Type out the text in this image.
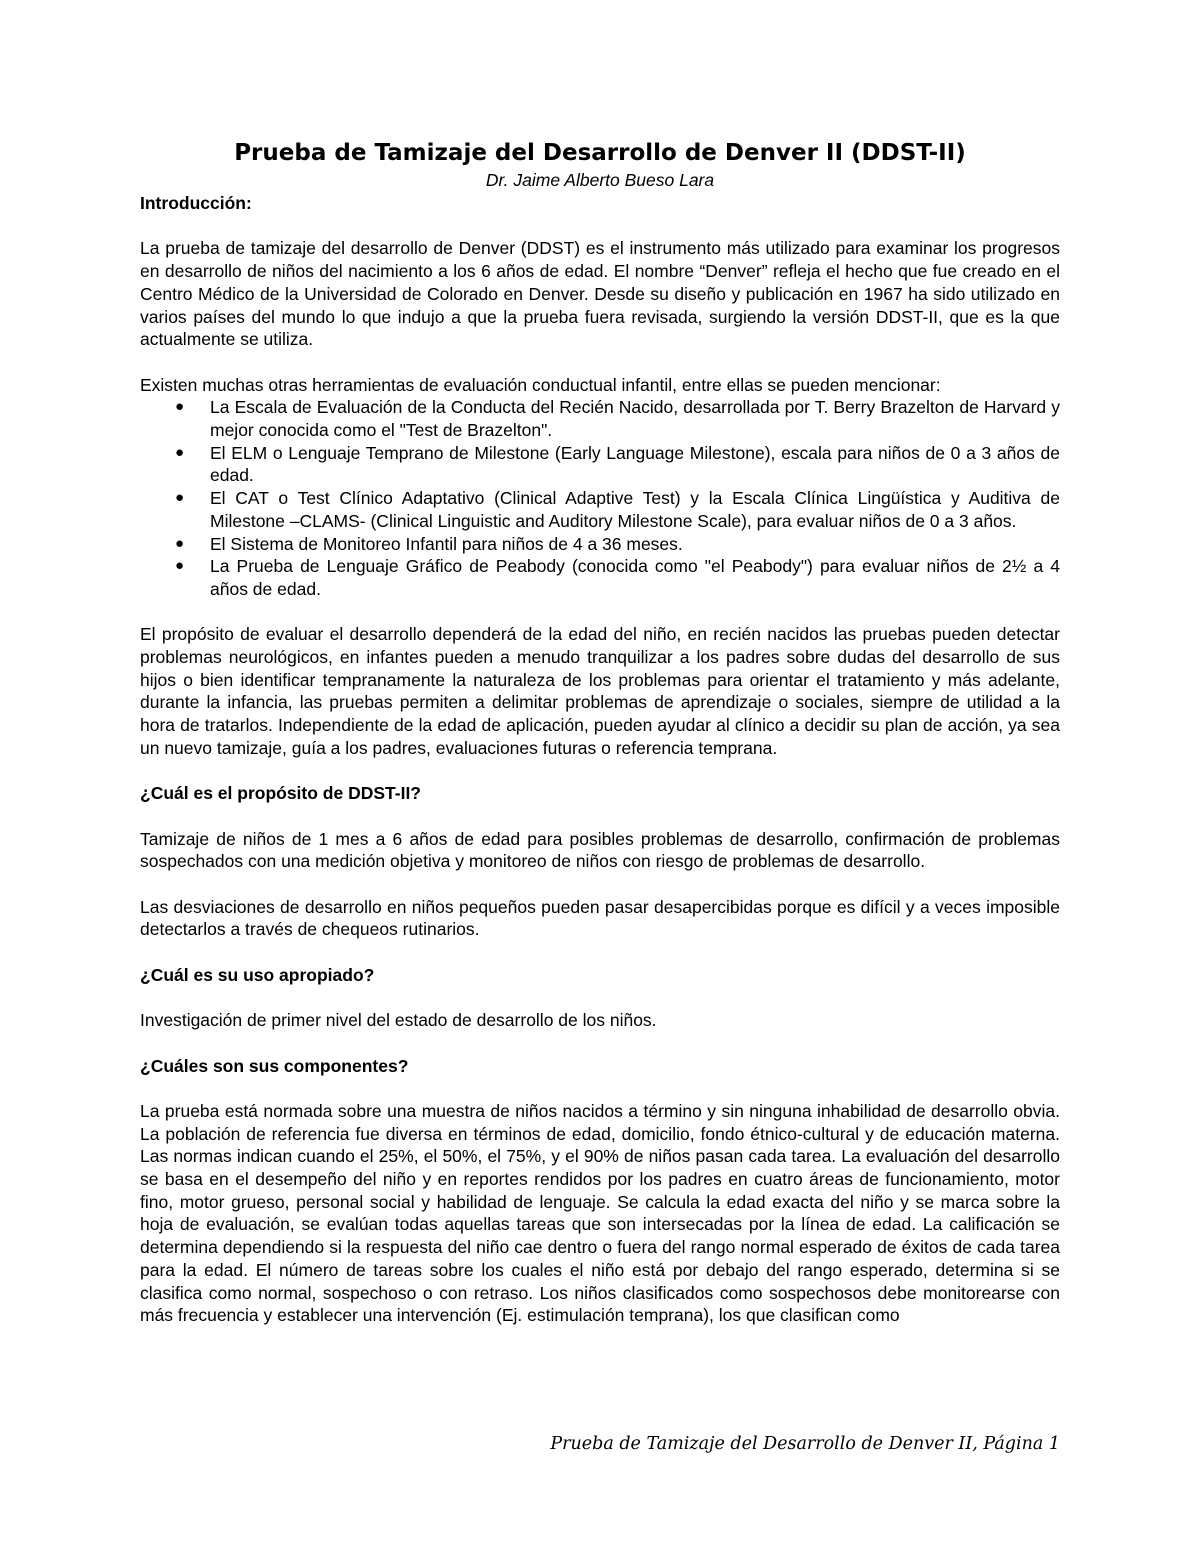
Prueba de Tamizaje del Desarrollo de Denver II (DDST-II)
Dr. Jaime Alberto Bueso Lara
Introducción:

La prueba de tamizaje del desarrollo de Denver (DDST) es el instrumento más utilizado para examinar los progresos en desarrollo de niños del nacimiento a los 6 años de edad. El nombre “Denver” refleja el hecho que fue creado en el Centro Médico de la Universidad de Colorado en Denver. Desde su diseño y publicación en 1967 ha sido utilizado en varios países del mundo lo que indujo a que la prueba fuera revisada, surgiendo la versión DDST-II, que es la que actualmente se utiliza.

Existen muchas otras herramientas de evaluación conductual infantil, entre ellas se pueden mencionar:

● La Escala de Evaluación de la Conducta del Recién Nacido, desarrollada por T. Berry Brazelton de Harvard y mejor conocida como el "Test de Brazelton".
● El ELM o Lenguaje Temprano de Milestone (Early Language Milestone), escala para niños de 0 a 3 años de edad.
● El CAT o Test Clínico Adaptativo (Clinical Adaptive Test) y la Escala Clínica Lingüística y Auditiva de Milestone –CLAMS- (Clinical Linguistic and Auditory Milestone Scale), para evaluar niños de 0 a 3 años.
● El Sistema de Monitoreo Infantil para niños de 4 a 36 meses.
● La Prueba de Lenguaje Gráfico de Peabody (conocida como "el Peabody") para evaluar niños de 2½ a 4 años de edad.

El propósito de evaluar el desarrollo dependerá de la edad del niño, en recién nacidos las pruebas pueden detectar problemas neurológicos, en infantes pueden a menudo tranquilizar a los padres sobre dudas del desarrollo de sus hijos o bien identificar tempranamente la naturaleza de los problemas para orientar el tratamiento y más adelante, durante la infancia, las pruebas permiten a delimitar problemas de aprendizaje o sociales, siempre de utilidad a la hora de tratarlos. Independiente de la edad de aplicación, pueden ayudar al clínico a decidir su plan de acción, ya sea un nuevo tamizaje, guía a los padres, evaluaciones futuras o referencia temprana.

¿Cuál es el propósito de DDST-II?

Tamizaje de niños de 1 mes a 6 años de edad para posibles problemas de desarrollo, confirmación de problemas sospechados con una medición objetiva y monitoreo de niños con riesgo de problemas de desarrollo.

Las desviaciones de desarrollo en niños pequeños pueden pasar desapercibidas porque es difícil y a veces imposible detectarlos a través de chequeos rutinarios.

¿Cuál es su uso apropiado?

Investigación de primer nivel del estado de desarrollo de los niños.

¿Cuáles son sus componentes?

La prueba está normada sobre una muestra de niños nacidos a término y sin ninguna inhabilidad de desarrollo obvia. La población de referencia fue diversa en términos de edad, domicilio, fondo étnico-cultural y de educación materna. Las normas indican cuando el 25%, el 50%, el 75%, y el 90% de niños pasan cada tarea. La evaluación del desarrollo se basa en el desempeño del niño y en reportes rendidos por los padres en cuatro áreas de funcionamiento, motor fino, motor grueso, personal social y habilidad de lenguaje. Se calcula la edad exacta del niño y se marca sobre la hoja de evaluación, se evalúan todas aquellas tareas que son intersecadas por la línea de edad. La calificación se determina dependiendo si la respuesta del niño cae dentro o fuera del rango normal esperado de éxitos de cada tarea para la edad. El número de tareas sobre los cuales el niño está por debajo del rango esperado, determina si se clasifica como normal, sospechoso o con retraso. Los niños clasificados como sospechosos debe monitorearse con más frecuencia y establecer una intervención (Ej. estimulación temprana), los que clasifican como

Prueba de Tamizaje del Desarrollo de Denver II, Página 1
